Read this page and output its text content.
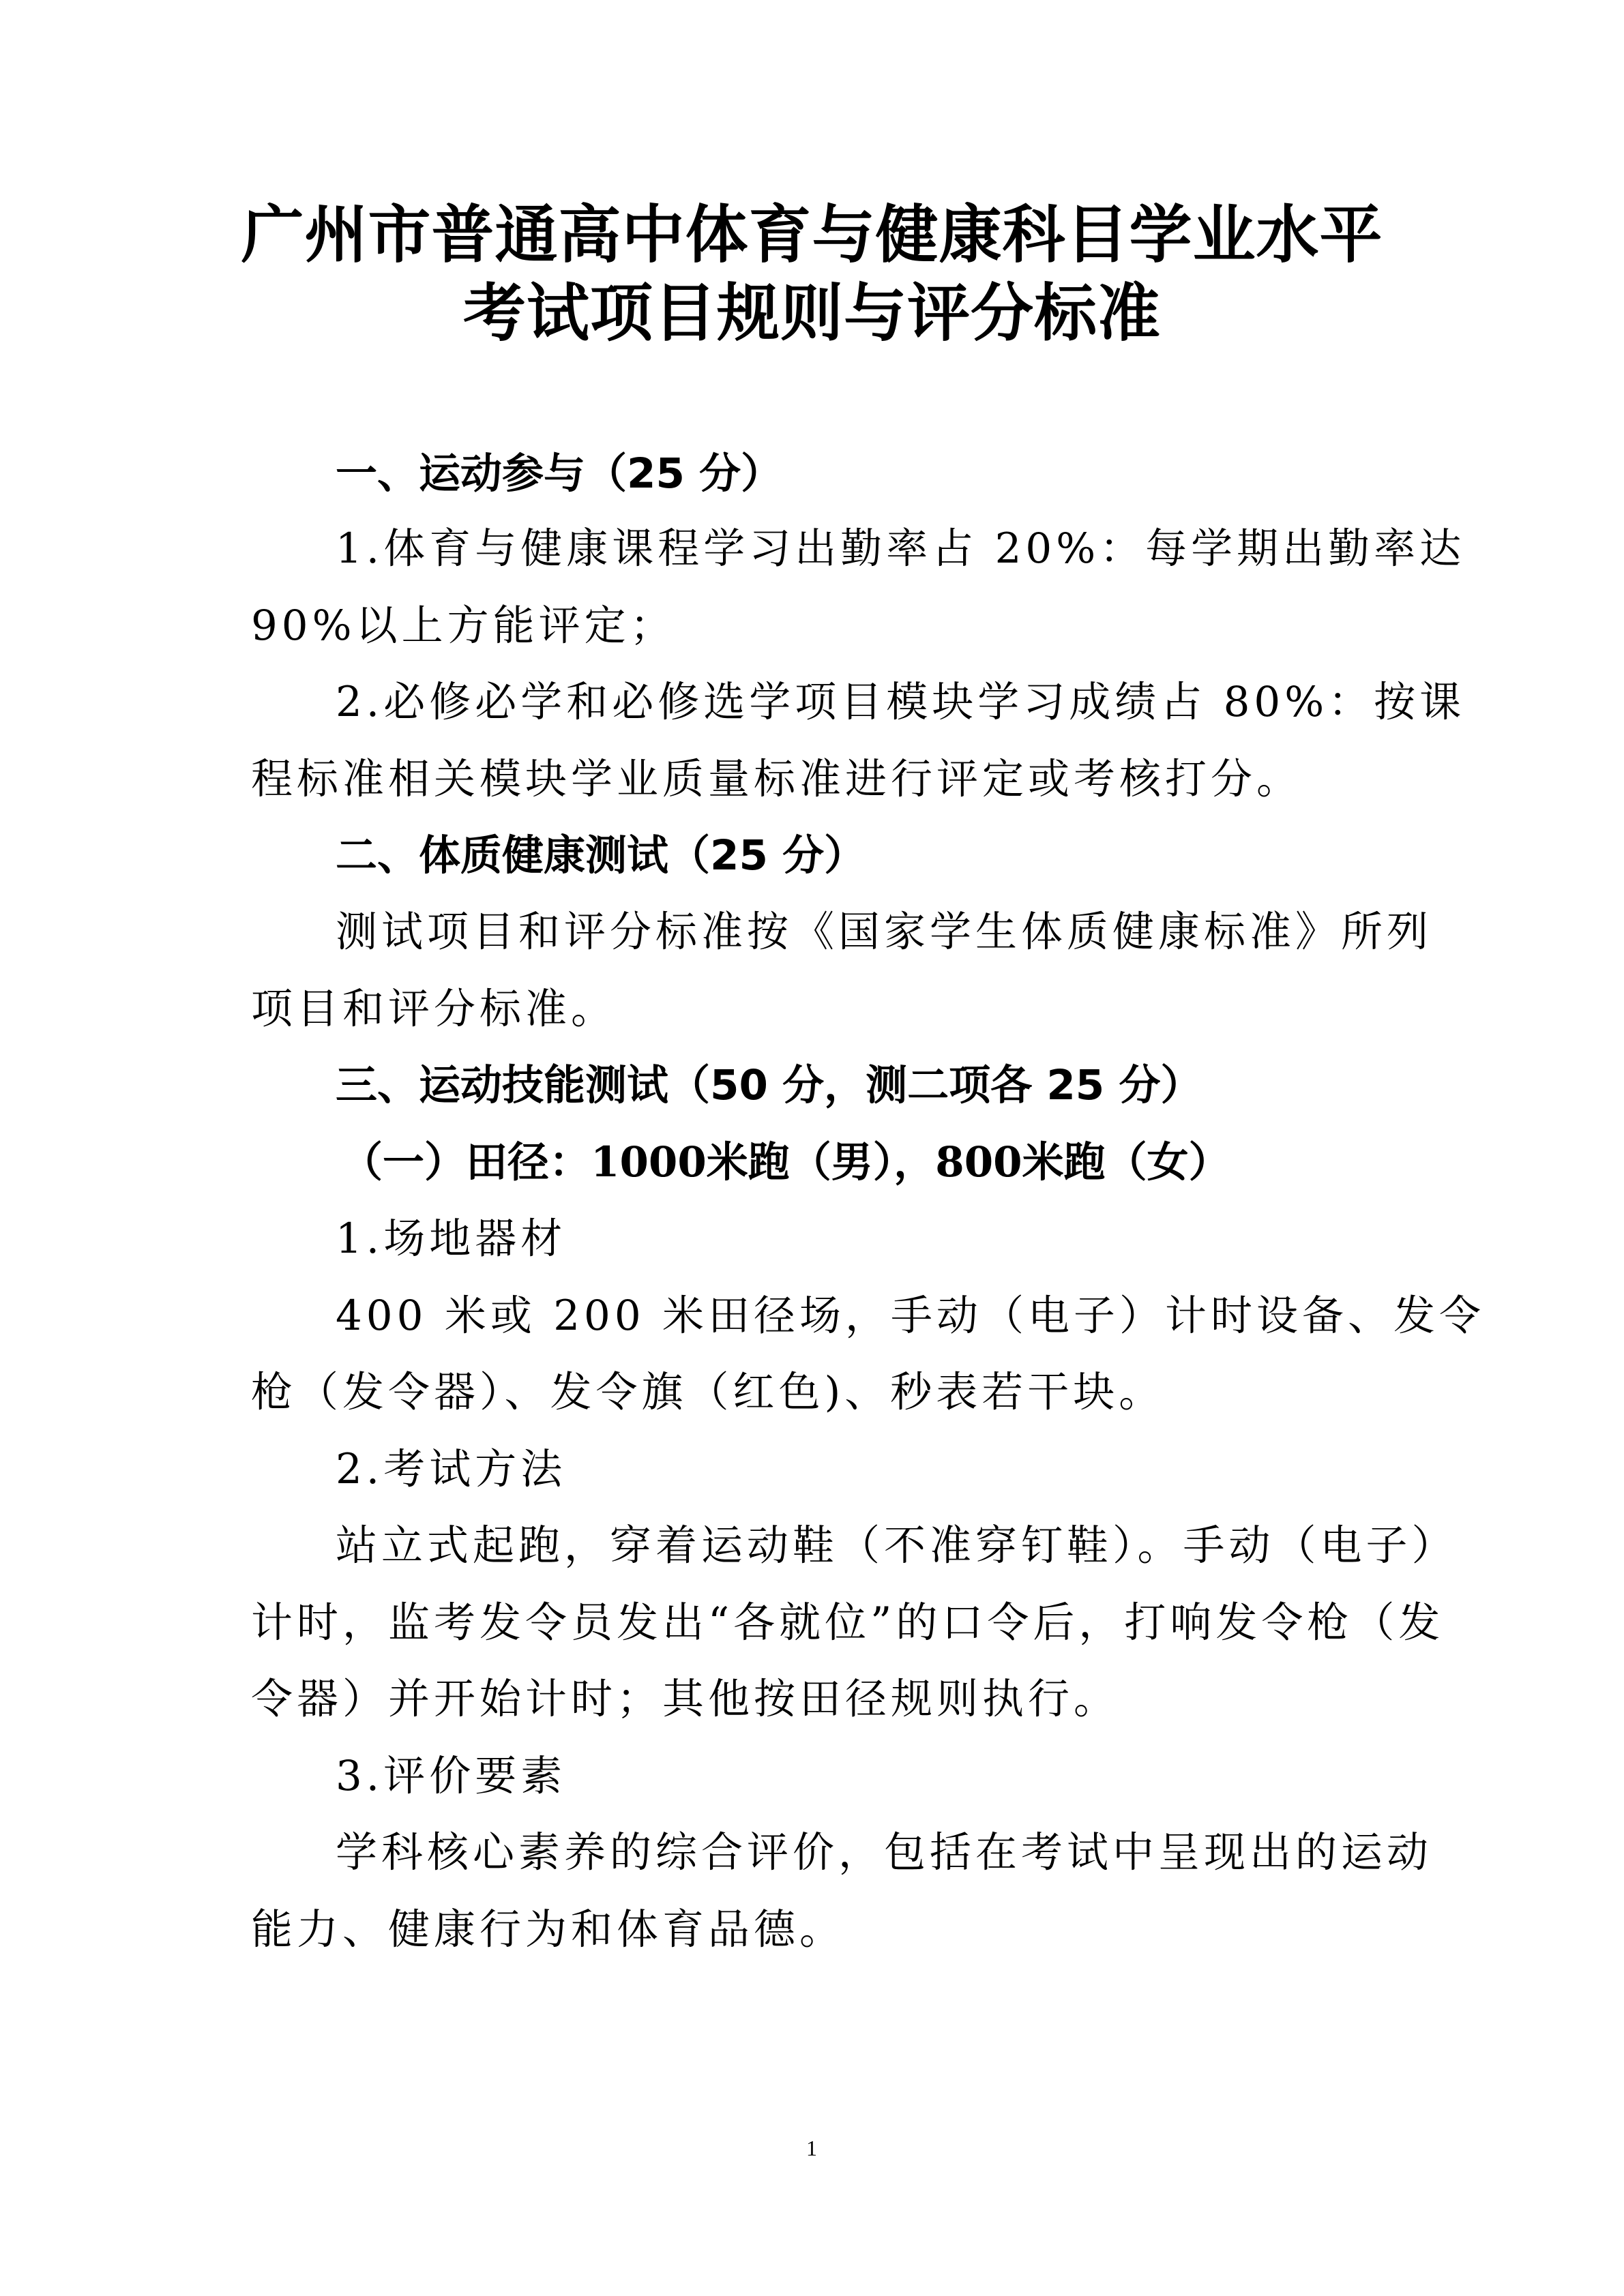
广州市普通高中体育与健康科目学业水平
考试项目规则与评分标准
一、运动参与（25 分）
1.体育与健康课程学习出勤率占 20%：每学期出勤率达
90%以上方能评定；
2.必修必学和必修选学项目模块学习成绩占 80%：按课
程标准相关模块学业质量标准进行评定或考核打分。
二、体质健康测试（25 分）
测试项目和评分标准按《国家学生体质健康标准》所列
项目和评分标准。
三、运动技能测试（50 分，测二项各 25 分）
（一）田径：1000米跑（男），800米跑（女）
1.场地器材
400 米或 200 米田径场，手动（电子）计时设备、发令
枪（发令器）、发令旗（红色)、秒表若干块。
2.考试方法
站立式起跑，穿着运动鞋（不准穿钉鞋）。手动（电子）
计时，监考发令员发出“各就位”的口令后，打响发令枪（发
令器）并开始计时；其他按田径规则执行。
3.评价要素
学科核心素养的综合评价，包括在考试中呈现出的运动
能力、健康行为和体育品德。
1
